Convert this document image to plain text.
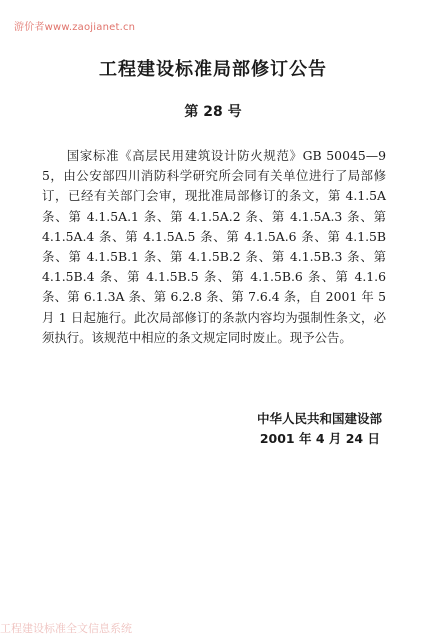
游价者www.zaojianet.cn
工程建设标准局部修订公告
第 28 号

国家标准《高层民用建筑设计防火规范》GB 50045—95，由公安部四川消防科学研究所会同有关单位进行了局部修订，已经有关部门会审，现批准局部修订的条文，第 4.1.5A 条、第 4.1.5A.1 条、第 4.1.5A.2 条、第 4.1.5A.3 条、第 4.1.5A.4 条、第 4.1.5A.5 条、第 4.1.5A.6 条、第 4.1.5B 条、第 4.1.5B.1 条、第 4.1.5B.2 条、第 4.1.5B.3 条、第 4.1.5B.4 条、第 4.1.5B.5 条、第 4.1.5B.6 条、第 4.1.6 条、第 6.1.3A 条、第 6.2.8 条、第 7.6.4 条，自 2001 年 5 月 1 日起施行。此次局部修订的条款内容均为强制性条文，必须执行。该规范中相应的条文规定同时废止。现予公告。

中华人民共和国建设部
2001 年 4 月 24 日
工程建设标准全文信息系统
